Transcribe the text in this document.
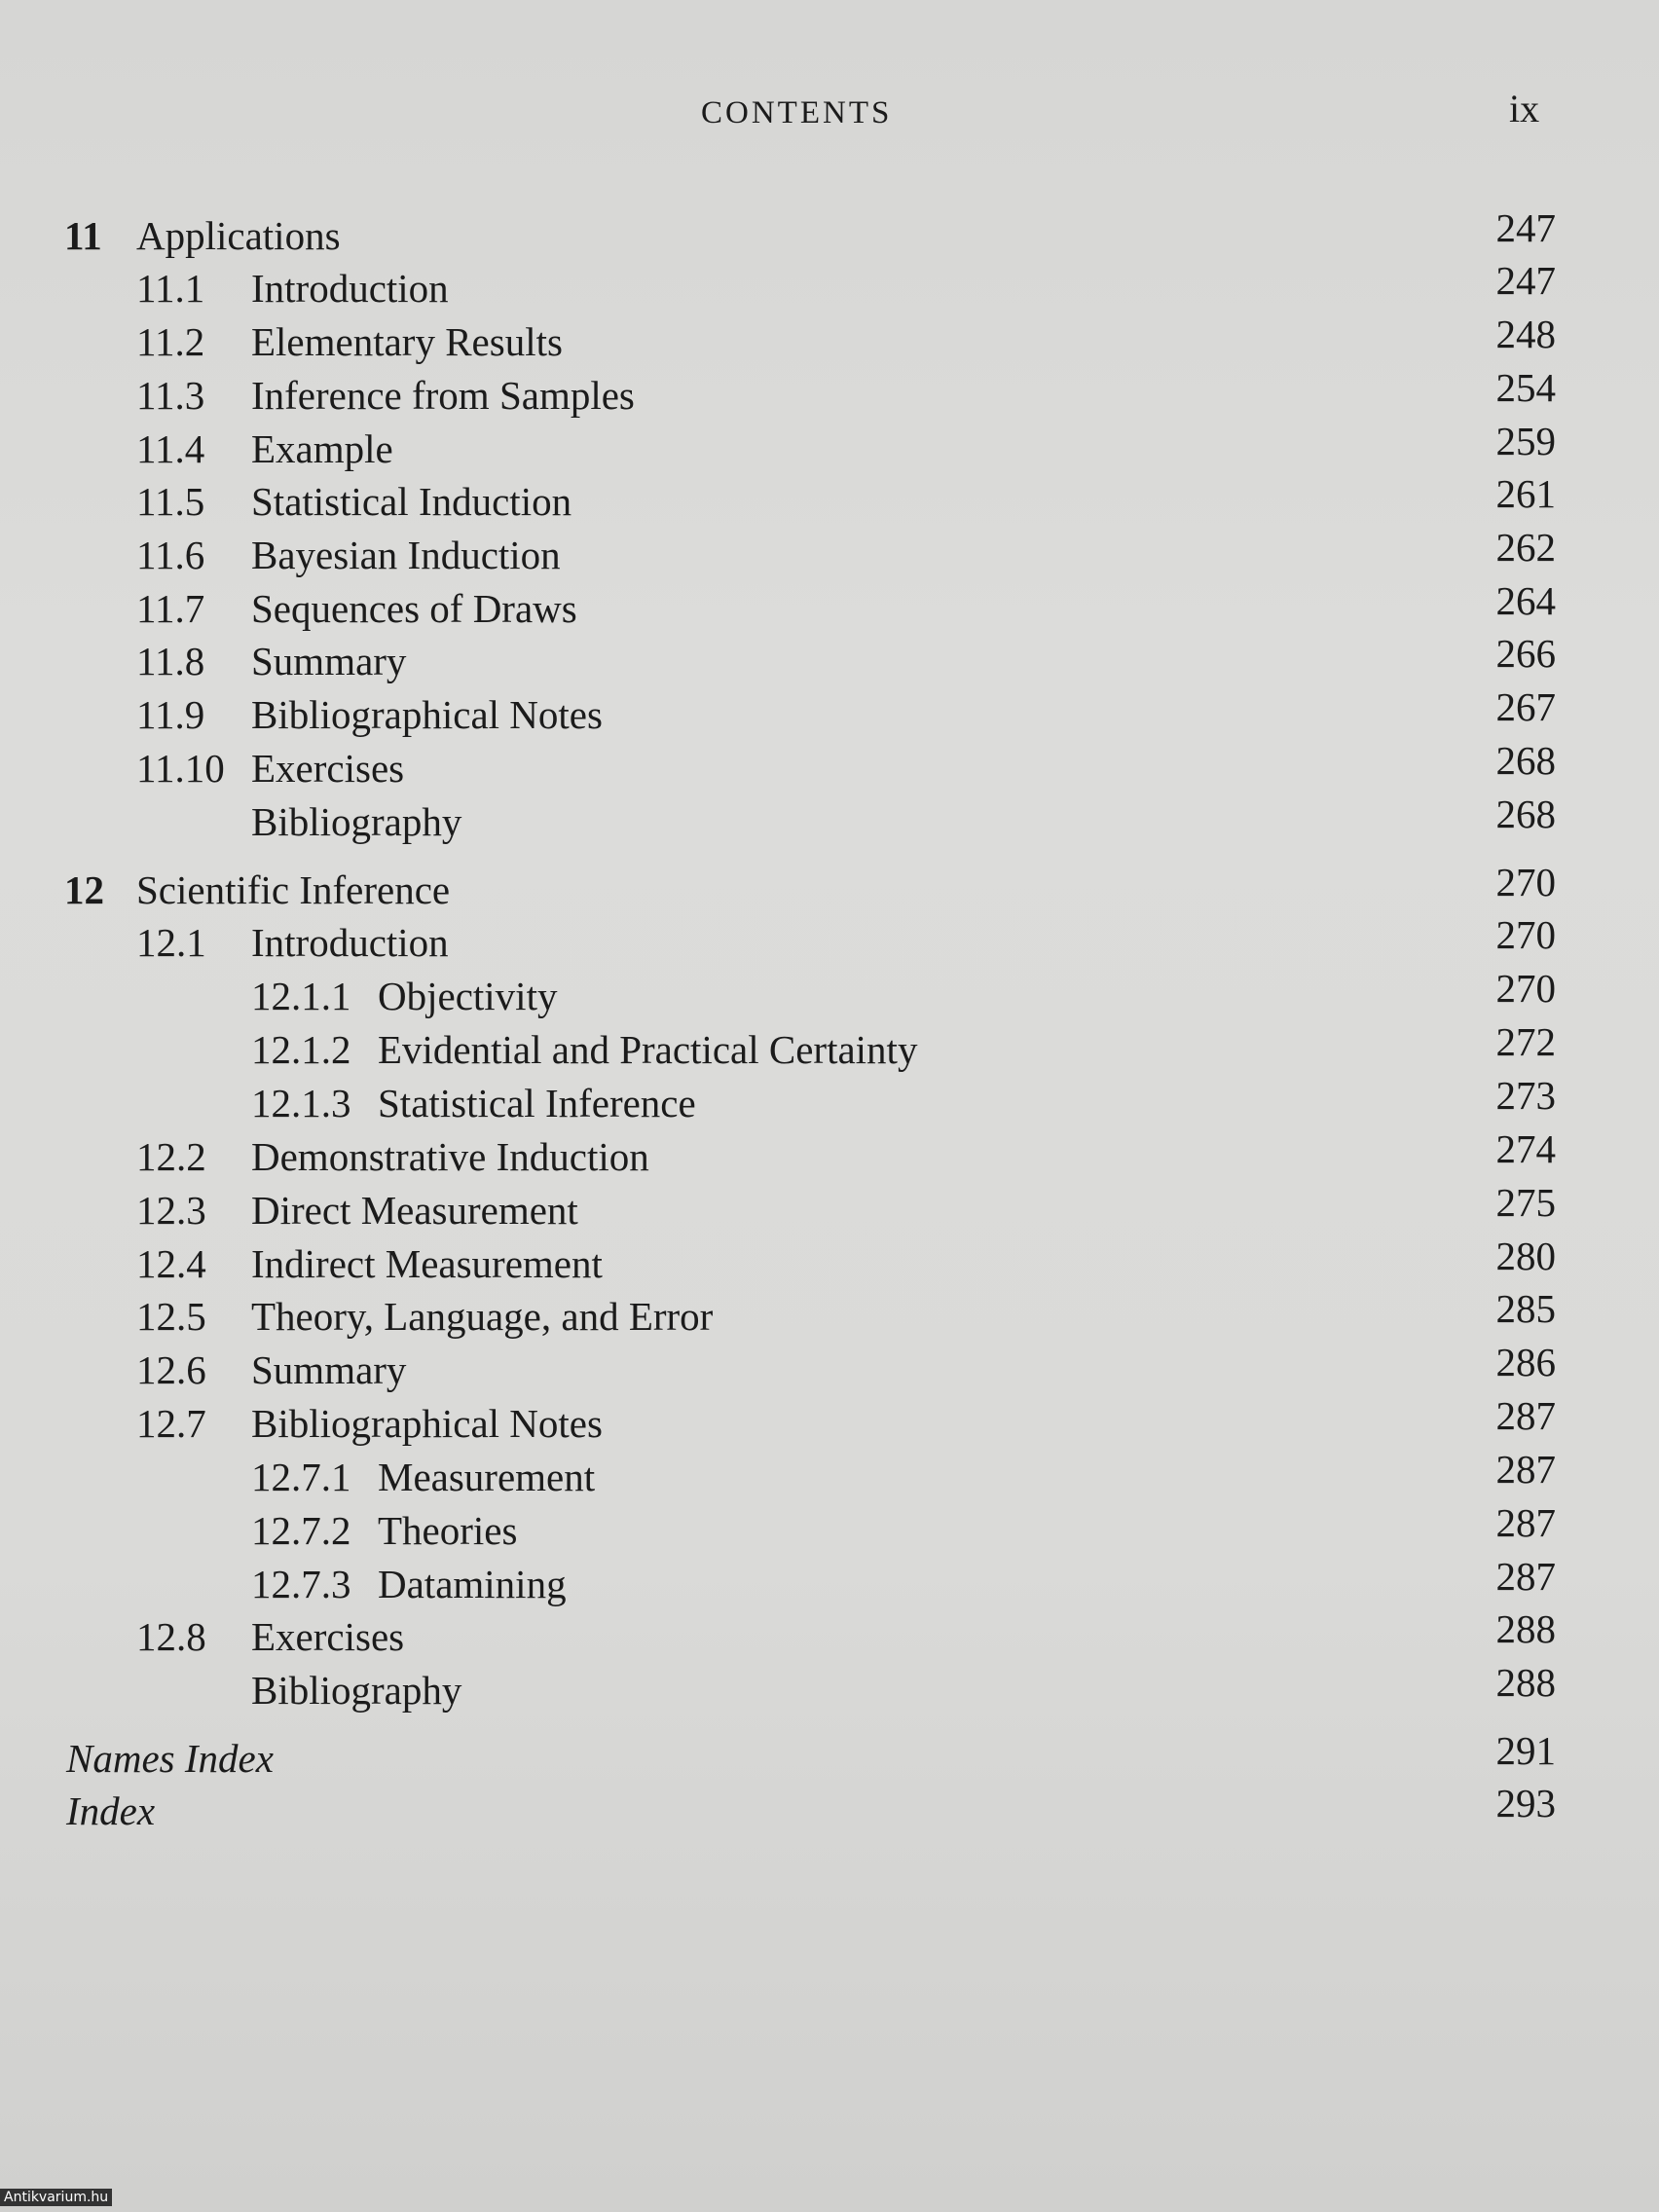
CONTENTS	ix
11 Applications	247
11.1 Introduction	247
11.2 Elementary Results	248
11.3 Inference from Samples	254
11.4 Example	259
11.5 Statistical Induction	261
11.6 Bayesian Induction	262
11.7 Sequences of Draws	264
11.8 Summary	266
11.9 Bibliographical Notes	267
11.10 Exercises	268
Bibliography	268
12 Scientific Inference	270
12.1 Introduction	270
12.1.1 Objectivity	270
12.1.2 Evidential and Practical Certainty	272
12.1.3 Statistical Inference	273
12.2 Demonstrative Induction	274
12.3 Direct Measurement	275
12.4 Indirect Measurement	280
12.5 Theory, Language, and Error	285
12.6 Summary	286
12.7 Bibliographical Notes	287
12.7.1 Measurement	287
12.7.2 Theories	287
12.7.3 Datamining	287
12.8 Exercises	288
Bibliography	288
Names Index	291
Index	293
Antikvarium.hu
